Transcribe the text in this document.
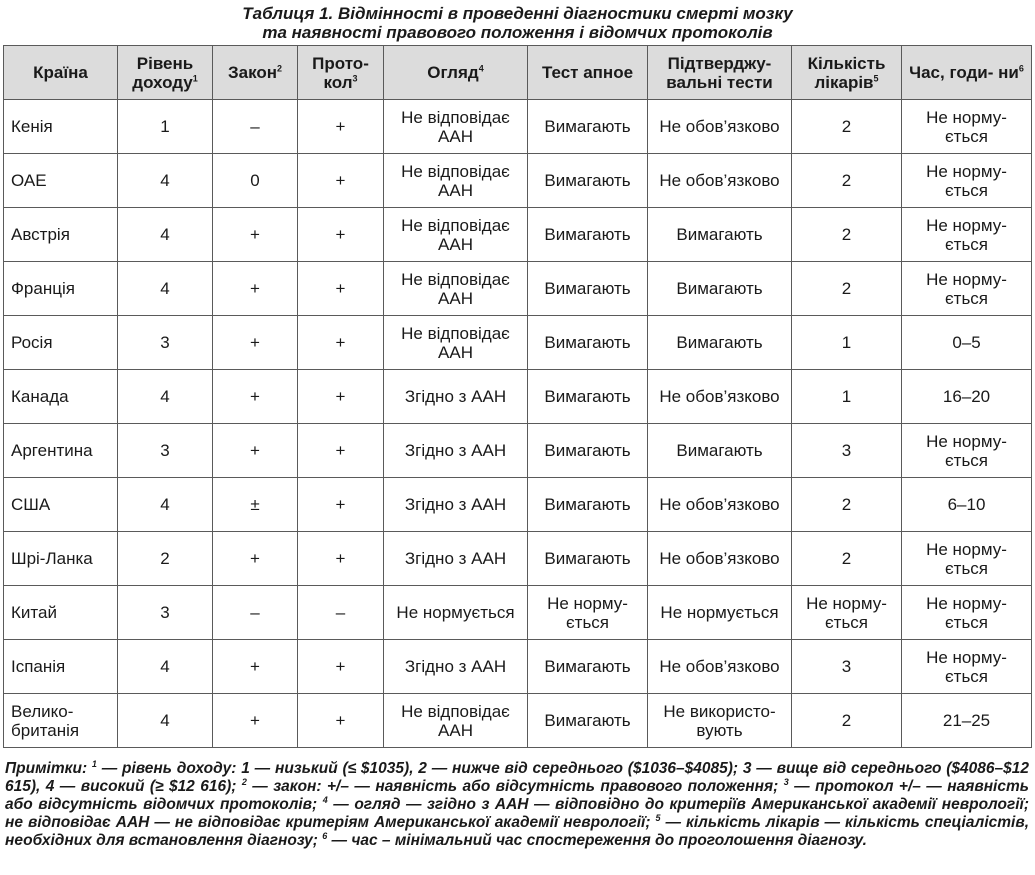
Таблиця 1. Відмінності в проведенні діагностики смерті мозку
та наявності правового положення і відомчих протоколів
Країна	Рівень доходу$^1$	Закон$^2$	Прото- кол$^3$	Огляд$^4$	Тест апное	Підтверджу- вальні тести	Кількість лікарів$^5$	Час, годи- $ни^6$
Кенія	1	–	+	Не відповідає ААН	Вимагають	Не обов’язково	2	Не норму- ється
ОАЕ	4	0	+	Не відповідає ААН	Вимагають	Не обов’язково	2	Не норму- ється
Австрія	4	+	+	Не відповідає ААН	Вимагають	Вимагають	2	Не норму- ється
Франція	4	+	+	Не відповідає ААН	Вимагають	Вимагають	2	Не норму- ється
Росія	3	+	+	Не відповідає ААН	Вимагають	Вимагають	1	0–5
Канада	4	+	+	Згідно з ААН	Вимагають	Не обов’язково	1	16–20
Аргентина	3	+	+	Згідно з ААН	Вимагають	Вимагають	3	Не норму- ється
США	4	±	+	Згідно з ААН	Вимагають	Не обов’язково	2	6–10
Шрі-Ланка	2	+	+	Згідно з ААН	Вимагають	Не обов’язково	2	Не норму- ється
Китай	3	–	–	Не нормується	Не норму- ється	Не нормується	Не норму- ється	Не норму- ється
Іспанія	4	+	+	Згідно з ААН	Вимагають	Не обов’язково	3	Не норму- ється
Велико- британія	4	+	+	Не відповідає ААН	Вимагають	Не використо- вують	2	21–25
Примітки: $^1$ — рівень доходу: 1 — низький (≤ $1035), 2 — нижче від середнього ($1036–$4085); 3 — вище від середнього ($4086–$12 615), 4 — високий (≥ $12 616); $^2$ — закон: +/– — наявність або відсутність правового положення; $^3$ — протокол +/– — наявність або відсутність відомчих протоколів; $^4$ — огляд — згідно з ААН — відповідно до критеріїв Американської академії неврології; не відповідає ААН — не відповідає критеріям Американської академії неврології; $^5$ — кількість лікарів — кількість спеціалістів, необхідних для встановлення діагнозу; $^6$ — час – мінімальний час спостереження до проголошення діагнозу.
